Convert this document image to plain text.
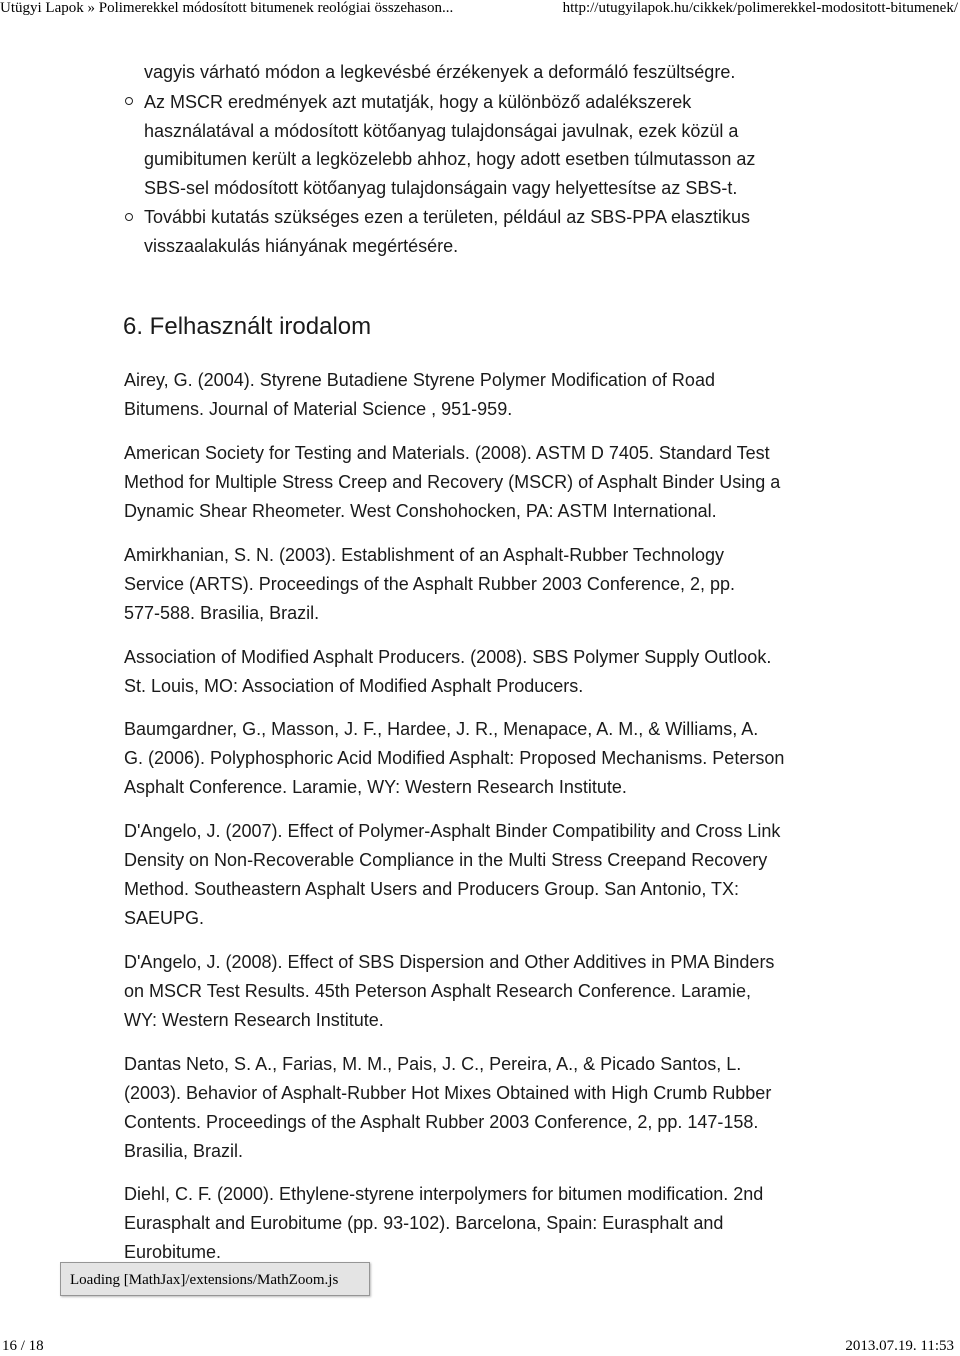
Utügyi Lapok » Polimerekkel módosított bitumenek reológiai összehason...	http://utugyilapok.hu/cikkek/polimerekkel-modositott-bitumenek/
vagyis várható módon a legkevésbé érzékenyek a deformáló feszültségre.
Az MSCR eredmények azt mutatják, hogy a különböző adalékszerek
használatával a módosított kötőanyag tulajdonságai javulnak, ezek közül a
gumibitumen került a legközelebb ahhoz, hogy adott esetben túlmutasson az
SBS-sel módosított kötőanyag tulajdonságain vagy helyettesítse az SBS-t.
További kutatás szükséges ezen a területen, például az SBS-PPA elasztikus
visszaalakulás hiányának megértésére.
6. Felhasznált irodalom
Airey, G. (2004). Styrene Butadiene Styrene Polymer Modification of Road
Bitumens. Journal of Material Science , 951-959.
American Society for Testing and Materials. (2008). ASTM D 7405. Standard Test
Method for Multiple Stress Creep and Recovery (MSCR) of Asphalt Binder Using a
Dynamic Shear Rheometer. West Conshohocken, PA: ASTM International.
Amirkhanian, S. N. (2003). Establishment of an Asphalt-Rubber Technology
Service (ARTS). Proceedings of the Asphalt Rubber 2003 Conference, 2, pp.
577-588. Brasilia, Brazil.
Association of Modified Asphalt Producers. (2008). SBS Polymer Supply Outlook.
St. Louis, MO: Association of Modified Asphalt Producers.
Baumgardner, G., Masson, J. F., Hardee, J. R., Menapace, A. M., & Williams, A.
G. (2006). Polyphosphoric Acid Modified Asphalt: Proposed Mechanisms. Peterson
Asphalt Conference. Laramie, WY: Western Research Institute.
D'Angelo, J. (2007). Effect of Polymer-Asphalt Binder Compatibility and Cross Link
Density on Non-Recoverable Compliance in the Multi Stress Creepand Recovery
Method. Southeastern Asphalt Users and Producers Group. San Antonio, TX:
SAEUPG.
D'Angelo, J. (2008). Effect of SBS Dispersion and Other Additives in PMA Binders
on MSCR Test Results. 45th Peterson Asphalt Research Conference. Laramie,
WY: Western Research Institute.
Dantas Neto, S. A., Farias, M. M., Pais, J. C., Pereira, A., & Picado Santos, L.
(2003). Behavior of Asphalt-Rubber Hot Mixes Obtained with High Crumb Rubber
Contents. Proceedings of the Asphalt Rubber 2003 Conference, 2, pp. 147-158.
Brasilia, Brazil.
Diehl, C. F. (2000). Ethylene-styrene interpolymers for bitumen modification. 2nd
Eurasphalt and Eurobitume (pp. 93-102). Barcelona, Spain: Eurasphalt and
Eurobitume.
Loading [MathJax]/extensions/MathZoom.js
16 / 18	2013.07.19. 11:53
